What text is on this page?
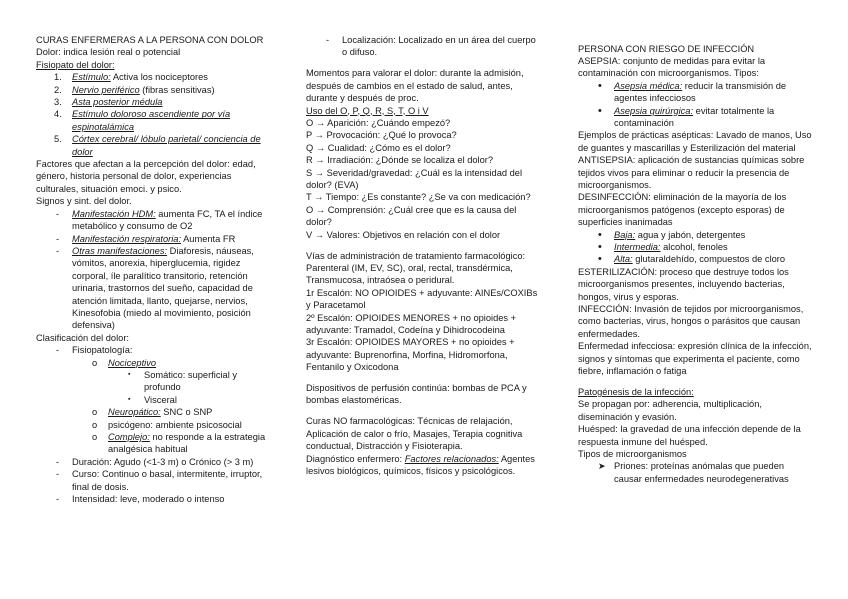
CURAS ENFERMERAS A LA PERSONA CON DOLOR

Dolor: indica lesión real o potencial

Fisiopato del dolor:

1.	Estímulo: Activa los nociceptores
2.	Nervio periférico (fibras sensitivas)
3.	Asta posterior médula
4.	Estímulo doloroso ascendiente por vía espinotalámica
5.	Córtex cerebral/ lóbulo parietal/ conciencia de dolor

Factores que afectan a la percepción del dolor: edad, género, historia personal de dolor, experiencias culturales, situación emoci. y psico.

Signos y sint. del dolor.

-	Manifestación HDM: aumenta FC, TA el índice metabólico y consumo de O2
-	Manifestación respiratoria: Aumenta FR
-	Otras manifestaciones: Diaforesis, náuseas, vómitos, anorexia, hiperglucemia, rigidez corporal, íle paralítico transitorio, retención urinaria, trastornos del sueño, capacidad de atención limitada, llanto, quejarse, nervios, Kinesofobia (miedo al movimiento, posición defensiva)

Clasificación del dolor:

-	Fisiopatología:
o	Nociceptivo
▪	Somático: superficial y profundo
▪	Visceral
o	Neuropático: SNC o SNP
o	psicógeno: ambiente psicosocial
o	Complejo: no responde a la estrategia analgésica habitual
-	Duración: Agudo (<1-3 m) o Crónico (> 3 m)
-	Curso: Continuo o basal, intermitente, irruptor, final de dosis.
-	Intensidad: leve, moderado o intenso
-	Localización: Localizado en un área del cuerpo o difuso.

Momentos para valorar el dolor: durante la admisión, después de cambios en el estado de salud, antes, durante y después de proc.

Uso del O, P, Q, R, S, T, O i V

O → Aparición: ¿Cuándo empezó?

P → Provocación: ¿Qué lo provoca?

Q → Cualidad: ¿Cómo es el dolor?

R → Irradiación: ¿Dónde se localiza el dolor?

S → Severidad/gravedad: ¿Cuál es la intensidad del dolor? (EVA)

T → Tiempo: ¿Es constante? ¿Se va con medicación?

O → Comprensión: ¿Cuál cree que es la causa del dolor?

V → Valores: Objetivos en relación con el dolor

Vías de administración de tratamiento farmacológico: Parenteral (IM, EV, SC), oral, rectal, transdérmica, Transmucosa, intraósea o peridural.

1r Escalón: NO OPIOIDES + adyuvante: AINEs/COXIBs y Paracetamol

2º Escalón: OPIOIDES MENORES + no opioides + adyuvante: Tramadol, Codeína y Dihidrocodeina

3r Escalón: OPIOIDES MAYORES + no opioides + adyuvante: Buprenorfina, Morfina, Hidromorfona, Fentanilo y Oxicodona

Dispositivos de perfusión continúa: bombas de PCA y bombas elastoméricas.

Curas NO farmacológicas: Técnicas de relajación, Aplicación de calor o frío, Masajes, Terapia cognitiva conductual, Distracción y Fisioterapia.

Diagnóstico enfermero: Factores relacionados: Agentes lesivos biológicos, químicos, físicos y psicológicos.

PERSONA CON RIESGO DE INFECCIÓN

ASEPSIA: conjunto de medidas para evitar la contaminación con microorganismos. Tipos:

•	Asepsia médica: reducir la transmisión de agentes infecciosos
•	Asepsia quirúrgica: evitar totalmente la contaminación

Ejemplos de prácticas asépticas: Lavado de manos, Uso de guantes y mascarillas y Esterilización del material

ANTISEPSIA: aplicación de sustancias químicas sobre tejidos vivos para eliminar o reducir la presencia de microorganismos.

DESINFECCIÓN: eliminación de la mayoría de los microorganismos patógenos (excepto esporas) de superficies inanimadas

•	Baja: agua y jabón, detergentes
•	Intermedia: alcohol, fenoles
•	Alta: glutaraldehído, compuestos de cloro

ESTERILIZACIÓN: proceso que destruye todos los microorganismos presentes, incluyendo bacterias, hongos, virus y esporas.

INFECCIÓN: Invasión de tejidos por microorganismos, como bacterias, virus, hongos o parásitos que causan enfermedades.

Enfermedad infecciosa: expresión clínica de la infección, signos y síntomas que experimenta el paciente, como fiebre, inflamación o fatiga

Patogénesis de la infección:

Se propagan por: adherencia, multiplicación, diseminación y evasión.

Huésped: la gravedad de una infección depende de la respuesta inmune del huésped.

Tipos de microorganismos

➤ Priones: proteínas anómalas que pueden causar enfermedades neurodegenerativas
